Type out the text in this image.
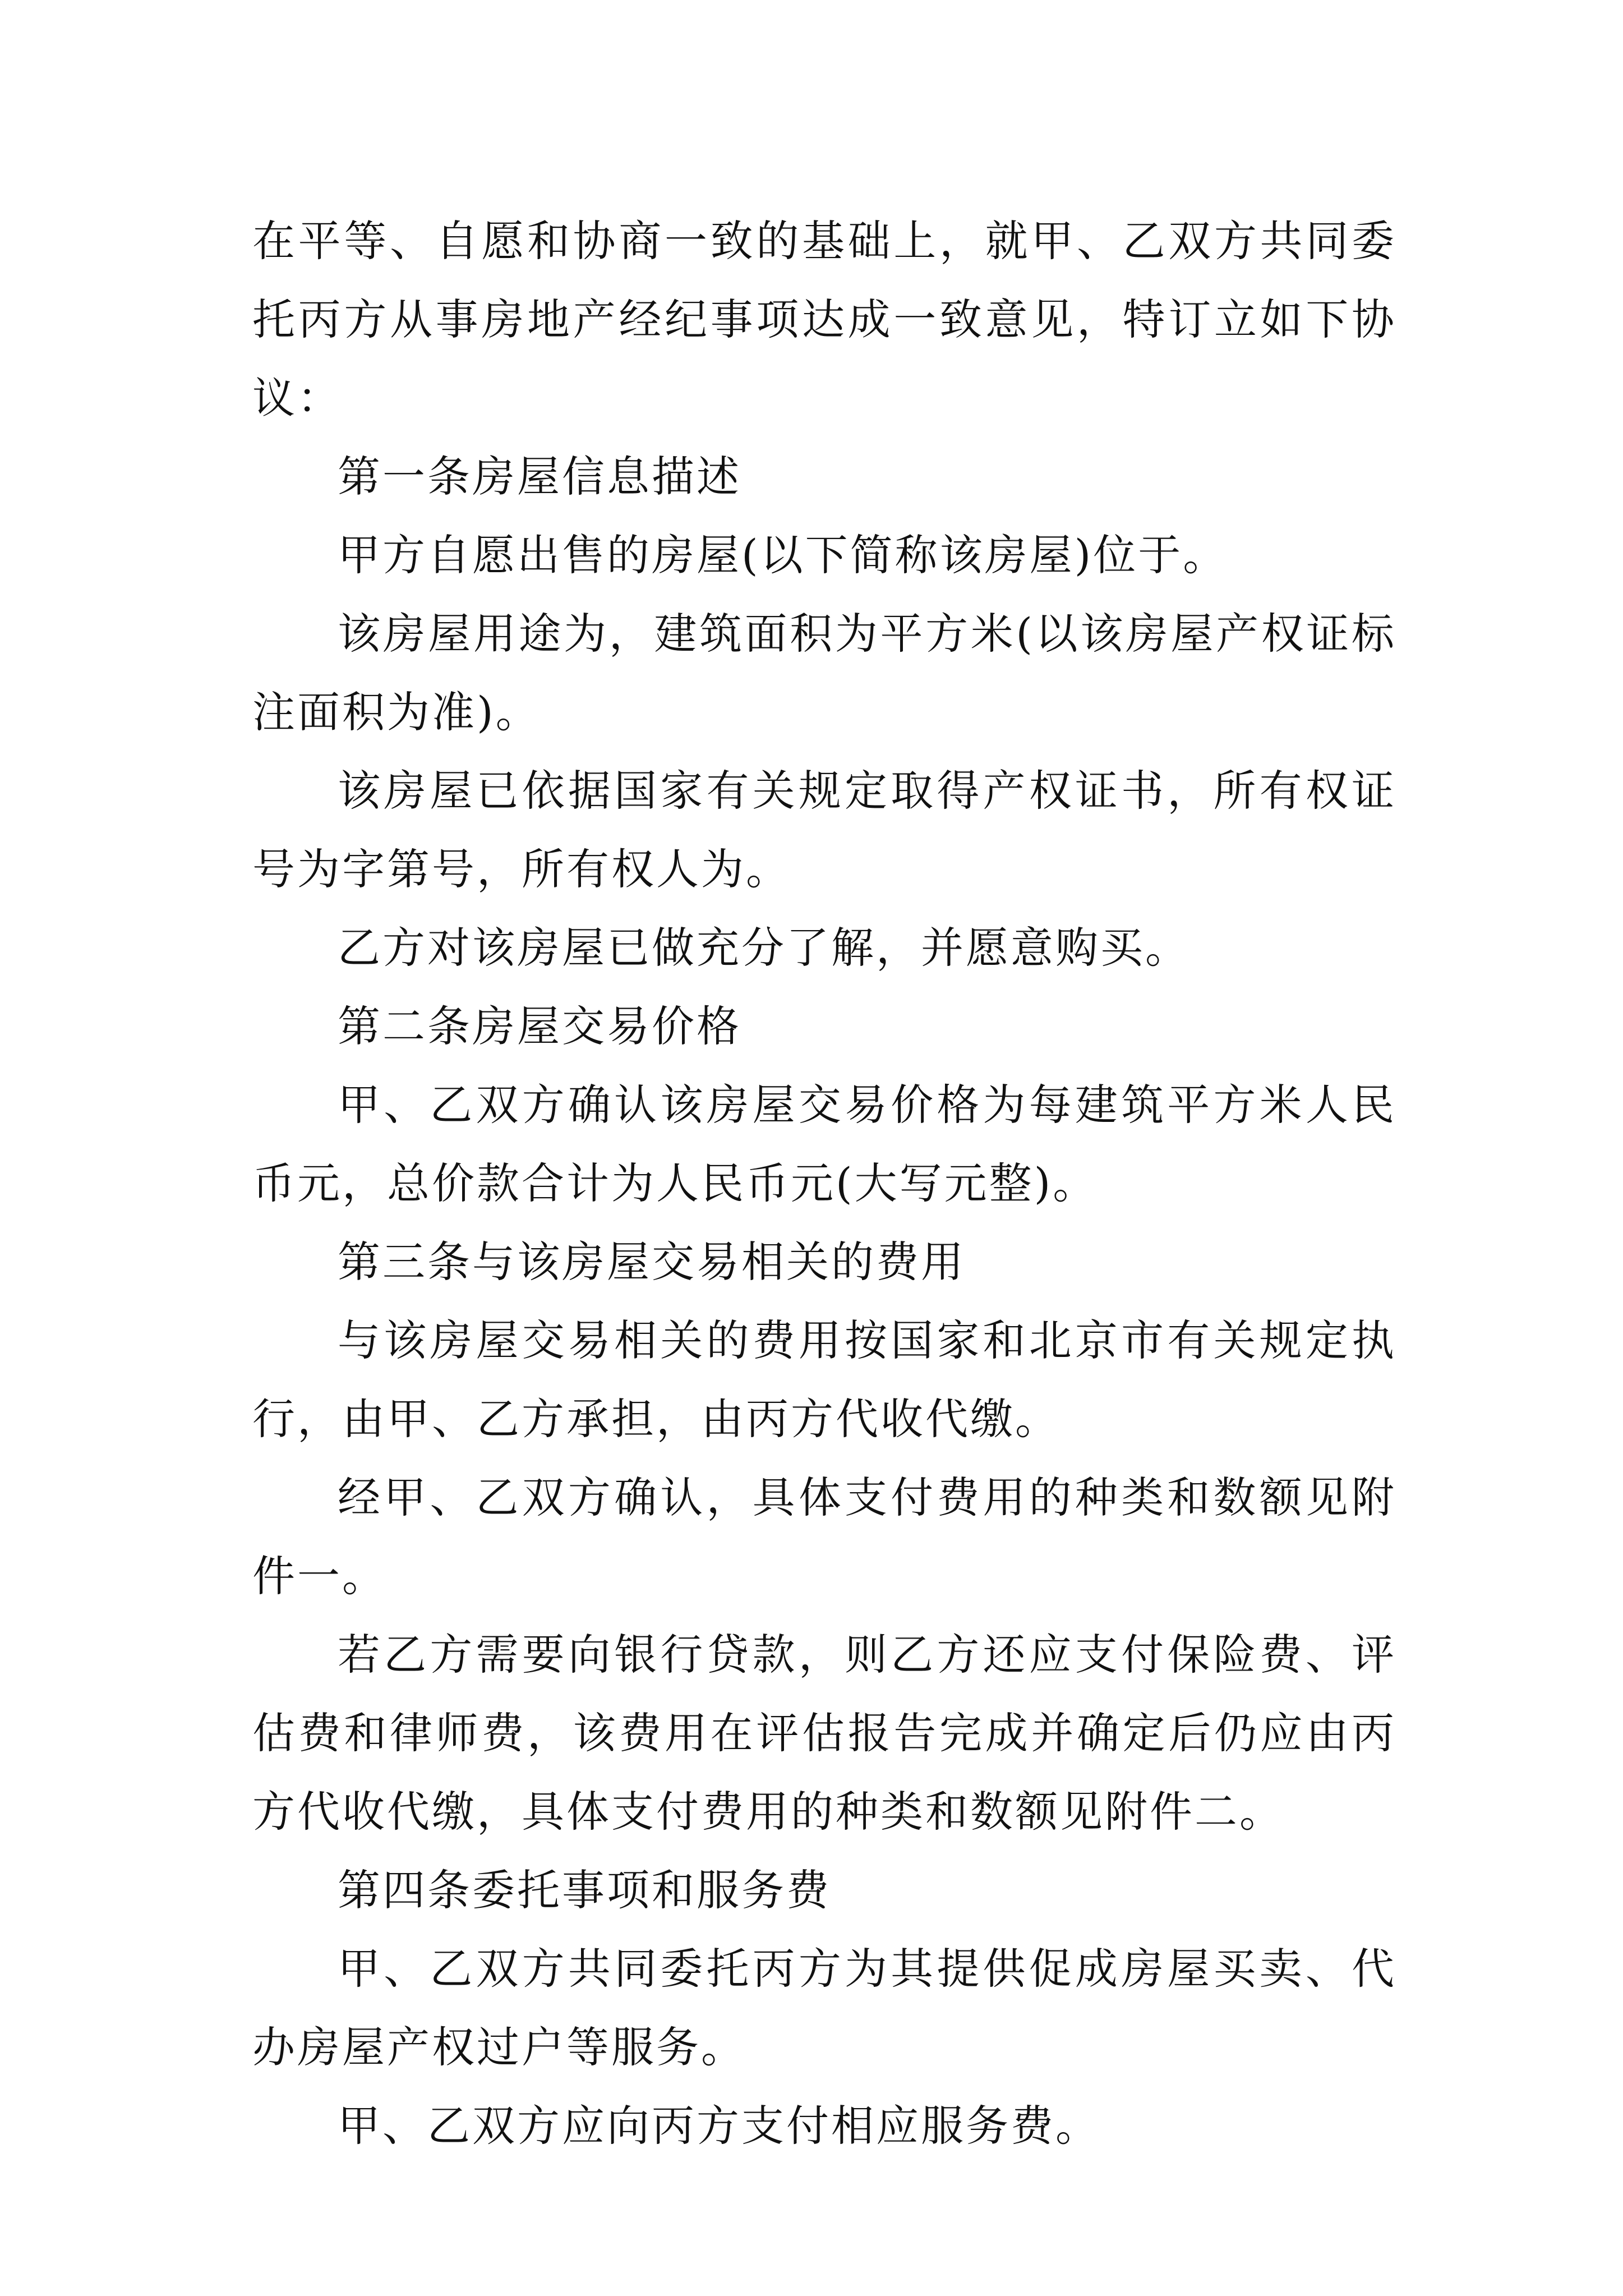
在平等、自愿和协商一致的基础上，就甲、乙双方共同委托丙方从事房地产经纪事项达成一致意见，特订立如下协议：

第一条房屋信息描述

甲方自愿出售的房屋(以下简称该房屋)位于。

该房屋用途为，建筑面积为平方米(以该房屋产权证标注面积为准)。

该房屋已依据国家有关规定取得产权证书，所有权证号为字第号，所有权人为。

乙方对该房屋已做充分了解，并愿意购买。

第二条房屋交易价格

甲、乙双方确认该房屋交易价格为每建筑平方米人民币元，总价款合计为人民币元(大写元整)。

第三条与该房屋交易相关的费用

与该房屋交易相关的费用按国家和北京市有关规定执行，由甲、乙方承担，由丙方代收代缴。

经甲、乙双方确认，具体支付费用的种类和数额见附件一。

若乙方需要向银行贷款，则乙方还应支付保险费、评估费和律师费，该费用在评估报告完成并确定后仍应由丙方代收代缴，具体支付费用的种类和数额见附件二。

第四条委托事项和服务费

甲、乙双方共同委托丙方为其提供促成房屋买卖、代办房屋产权过户等服务。

甲、乙双方应向丙方支付相应服务费。
